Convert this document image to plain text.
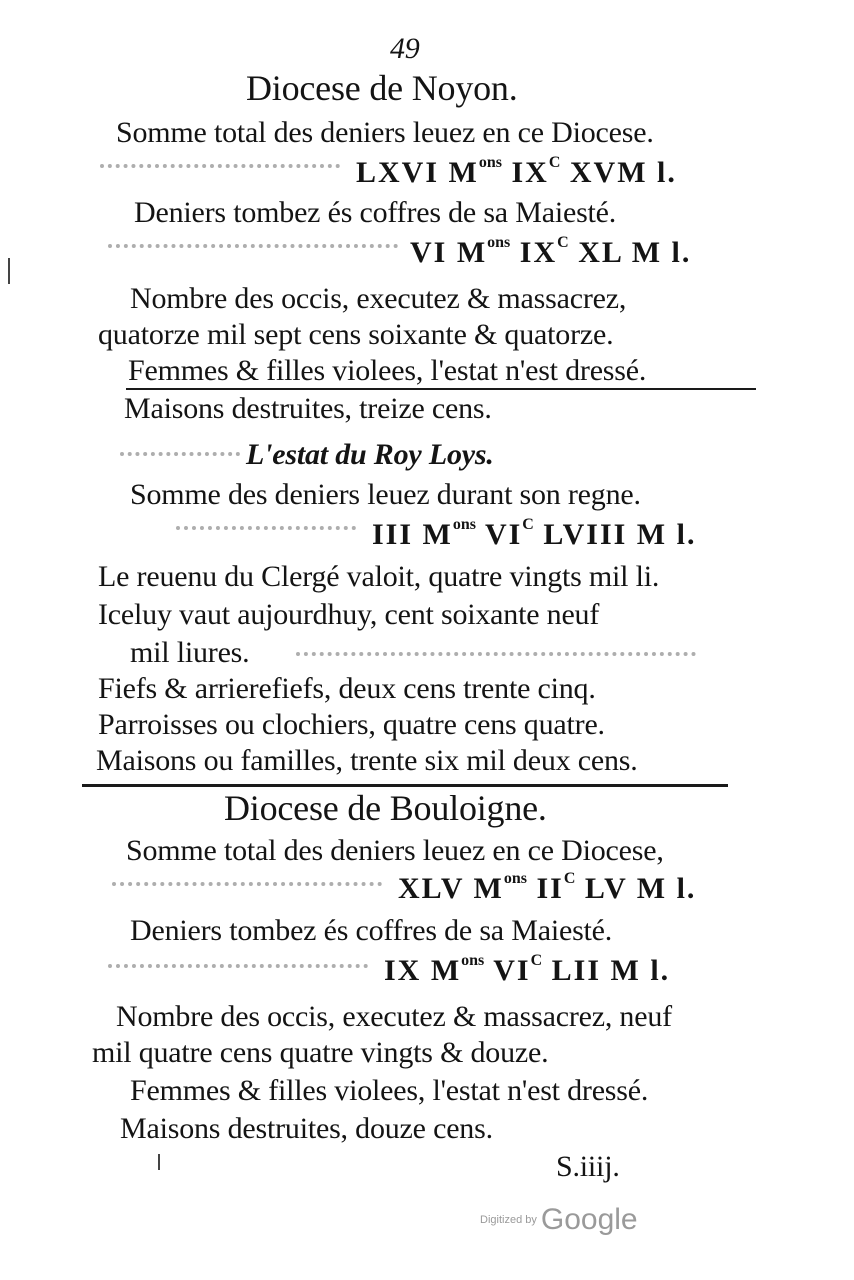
49
Diocese de Noyon.
Somme total des deniers leuez en ce Diocese.
LXVI $M^{ons}$ $IX^C$ XVM l.
Deniers tombez és coffres de sa Maiesté.
VI $M^{ons}$ $IX^C$ XL M l.
Nombre des occis, executez & massacrez,
quatorze mil sept cens soixante & quatorze.
Femmes & filles violees, l'estat n'est dressé.
Maisons destruites, treize cens.
L'estat du Roy Loys.
Somme des deniers leuez durant son regne.
III $M^{ons}$ $VI^C$ LVIII M l.
Le reuenu du Clergé valoit, quatre vingts mil li.
Iceluy vaut aujourdhuy, cent soixante neuf
mil liures.
Fiefs & arrierefiefs, deux cens trente cinq.
Parroisses ou clochiers, quatre cens quatre.
Maisons ou familles, trente six mil deux cens.
Diocese de Bouloigne.
Somme total des deniers leuez en ce Diocese,
XLV $M^{ons}$ $II^C$ LV M l.
Deniers tombez és coffres de sa Maiesté.
IX $M^{ons}$ $VI^C$ LII M l.
Nombre des occis, executez & massacrez, neuf
mil quatre cens quatre vingts & douze.
Femmes & filles violees, l'estat n'est dressé.
Maisons destruites, douze cens.
S.iiij.
Digitized by Google
